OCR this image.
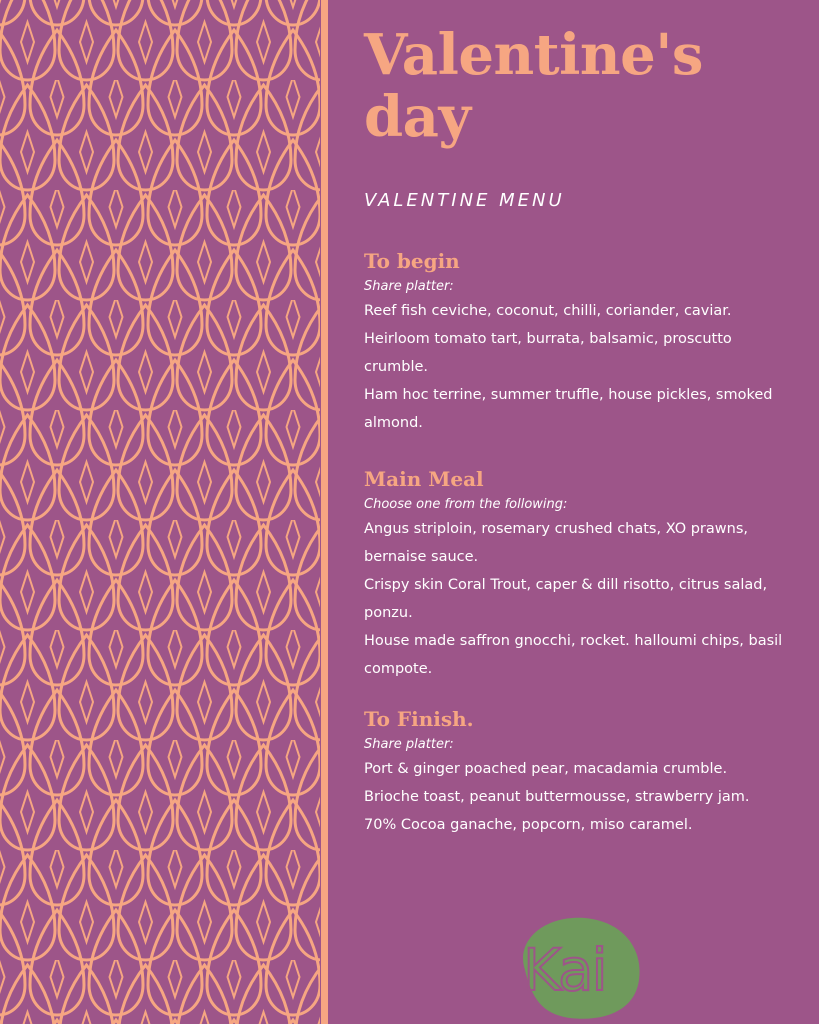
Valentine's
day
VALENTINE MENU
To begin
Share platter:
Reef fish ceviche, coconut, chilli, coriander, caviar.
Heirloom tomato tart, burrata, balsamic, proscutto crumble.
Ham hoc terrine, summer truffle, house pickles, smoked almond.
Main Meal
Choose one from the following:
Angus striploin, rosemary crushed chats, XO prawns, bernaise sauce.
Crispy skin Coral Trout, caper & dill risotto, citrus salad, ponzu.
House made saffron gnocchi, rocket. halloumi chips, basil compote.
To Finish.
Share platter:
Port & ginger poached pear, macadamia crumble.
Brioche toast, peanut buttermousse, strawberry jam.
70% Cocoa ganache, popcorn, miso caramel.
Kai
